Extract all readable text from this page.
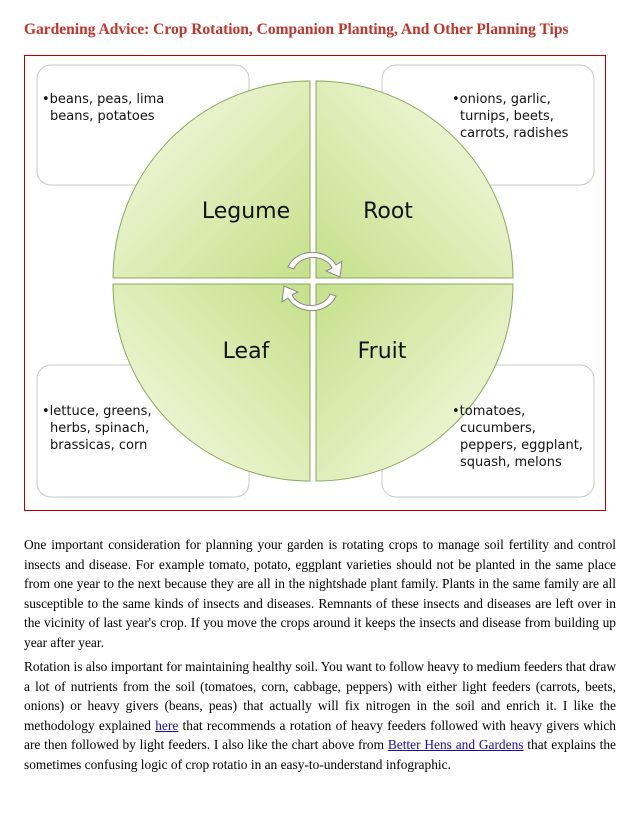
Gardening Advice: Crop Rotation, Companion Planting, And Other Planning Tips
•beans, peas, lima beans, potatoes
•onions, garlic, turnips, beets, carrots, radishes
•lettuce, greens, herbs, spinach, brassicas, corn
•tomatoes, cucumbers, peppers, eggplant, squash, melons
Legume	Root
Leaf	Fruit

One important consideration for planning your garden is rotating crops to manage soil fertility and control insects and disease. For example tomato, potato, eggplant varieties should not be planted in the same place from one year to the next because they are all in the nightshade plant family. Plants in the same family are all susceptible to the same kinds of insects and diseases. Remnants of these insects and diseases are left over in the vicinity of last year's crop. If you move the crops around it keeps the insects and disease from building up year after year.

Rotation is also important for maintaining healthy soil. You want to follow heavy to medium feeders that draw a lot of nutrients from the soil (tomatoes, corn, cabbage, peppers) with either light feeders (carrots, beets, onions) or heavy givers (beans, peas) that actually will fix nitrogen in the soil and enrich it. I like the methodology explained here that recommends a rotation of heavy feeders followed with heavy givers which are then followed by light feeders. I also like the chart above from Better Hens and Gardens that explains the sometimes confusing logic of crop rotatio in an easy-to-understand infographic.
